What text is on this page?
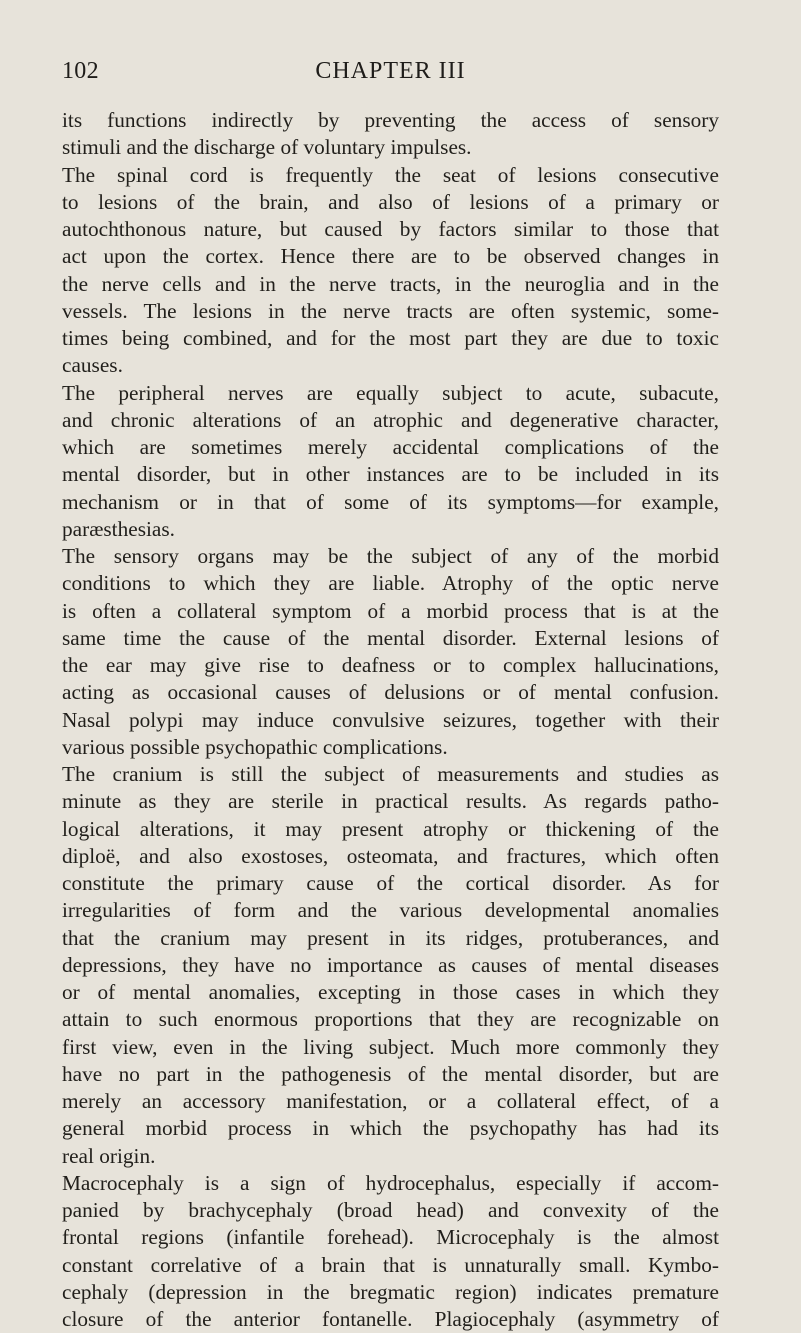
102	CHAPTER III
its functions indirectly by preventing the access of sensory
stimuli and the discharge of voluntary impulses.
The spinal cord is frequently the seat of lesions consecutive
to lesions of the brain, and also of lesions of a primary or
autochthonous nature, but caused by factors similar to those that
act upon the cortex. Hence there are to be observed changes in
the nerve cells and in the nerve tracts, in the neuroglia and in the
vessels. The lesions in the nerve tracts are often systemic, some-
times being combined, and for the most part they are due to toxic
causes.
The peripheral nerves are equally subject to acute, subacute,
and chronic alterations of an atrophic and degenerative character,
which are sometimes merely accidental complications of the
mental disorder, but in other instances are to be included in its
mechanism or in that of some of its symptoms—for example,
paræsthesias.
The sensory organs may be the subject of any of the morbid
conditions to which they are liable. Atrophy of the optic nerve
is often a collateral symptom of a morbid process that is at the
same time the cause of the mental disorder. External lesions of
the ear may give rise to deafness or to complex hallucinations,
acting as occasional causes of delusions or of mental confusion.
Nasal polypi may induce convulsive seizures, together with their
various possible psychopathic complications.
The cranium is still the subject of measurements and studies as
minute as they are sterile in practical results. As regards patho-
logical alterations, it may present atrophy or thickening of the
diploë, and also exostoses, osteomata, and fractures, which often
constitute the primary cause of the cortical disorder. As for
irregularities of form and the various developmental anomalies
that the cranium may present in its ridges, protuberances, and
depressions, they have no importance as causes of mental diseases
or of mental anomalies, excepting in those cases in which they
attain to such enormous proportions that they are recognizable on
first view, even in the living subject. Much more commonly they
have no part in the pathogenesis of the mental disorder, but are
merely an accessory manifestation, or a collateral effect, of a
general morbid process in which the psychopathy has had its
real origin.
Macrocephaly is a sign of hydrocephalus, especially if accom-
panied by brachycephaly (broad head) and convexity of the
frontal regions (infantile forehead). Microcephaly is the almost
constant correlative of a brain that is unnaturally small. Kymbo-
cephaly (depression in the bregmatic region) indicates premature
closure of the anterior fontanelle. Plagiocephaly (asymmetry of
